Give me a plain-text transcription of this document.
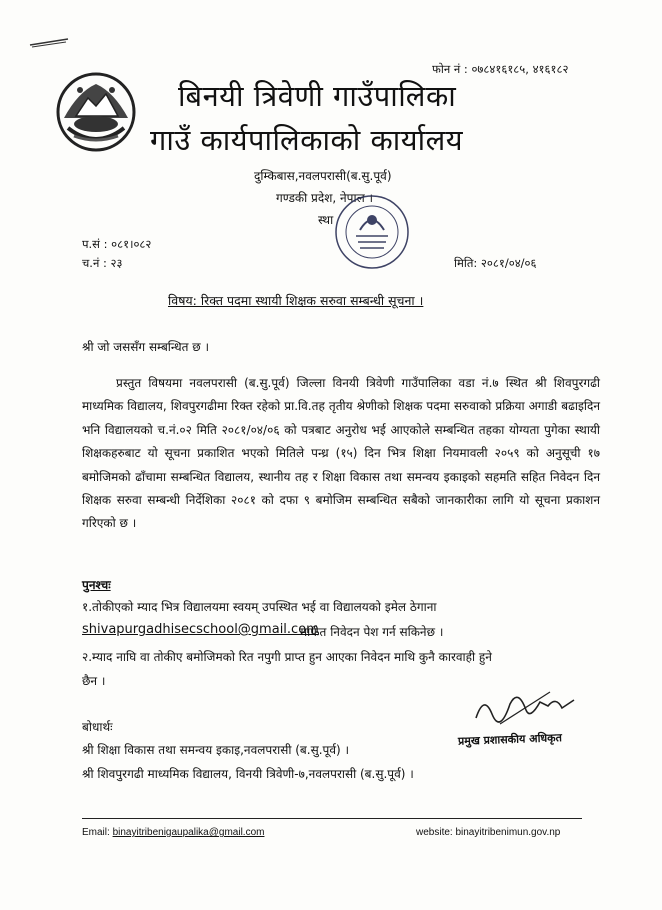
फोन नं : ०७८४१६१८५, ४१६१८२
बिनयी त्रिवेणी गाउँपालिका
गाउँ कार्यपालिकाको कार्यालय
दुम्किबास,नवलपरासी(ब.सु.पूर्व)
गण्डकी प्रदेश, नेपाल ।
स्था
प.सं : ०८१।०८२
च.नं : २३	मिति: २०८१/०४/०६
विषय: रिक्त पदमा स्थायी शिक्षक सरुवा सम्बन्धी सूचना ।
श्री जो जससँग सम्बन्धित छ ।
प्रस्तुत विषयमा नवलपरासी (ब.सु.पूर्व) जिल्ला विनयी त्रिवेणी गाउँपालिका वडा नं.७ स्थित श्री शिवपुरगढी माध्यमिक विद्यालय, शिवपुरगढीमा रिक्त रहेको प्रा.वि.तह तृतीय श्रेणीको शिक्षक पदमा सरुवाको प्रक्रिया अगाडी बढाइदिन भनि विद्यालयको च.नं.०२ मिति २०८१/०४/०६ को पत्रबाट अनुरोध भई आएकोले सम्बन्धित तहका योग्यता पुगेका स्थायी शिक्षकहरुबाट यो सूचना प्रकाशित भएको मितिले पन्ध्र (१५) दिन भित्र शिक्षा नियमावली २०५९ को अनुसूची १७ बमोजिमको ढाँचामा सम्बन्धित विद्यालय, स्थानीय तह र शिक्षा विकास तथा समन्वय इकाइको सहमति सहित निवेदन दिन शिक्षक सरुवा सम्बन्धी निर्देशिका २०८१ को दफा ९ बमोजिम सम्बन्धित सबैको जानकारीका लागि यो सूचना प्रकाशन गरिएको छ ।
पुनश्चः
१.तोकीएको म्याद भित्र विद्यालयमा स्वयम् उपस्थित भई वा विद्यालयको इमेल ठेगाना
shivapurgadhisecschool@gmail.com
मार्फत निवेदन पेश गर्न सकिनेछ ।
२.म्याद नाघि वा तोकीए बमोजिमको रित नपुगी प्राप्त हुन आएका निवेदन माथि कुनै कारवाही हुने
छैन ।
प्रमुख प्रशासकीय अधिकृत
बोधार्थः
श्री शिक्षा विकास तथा समन्वय इकाइ,नवलपरासी (ब.सु.पूर्व) ।
श्री शिवपुरगढी माध्यमिक विद्यालय, विनयी त्रिवेणी-७,नवलपरासी (ब.सु.पूर्व) ।
Email: binayitribenigaupalika@gmail.com	website: binayitribenimun.gov.np
